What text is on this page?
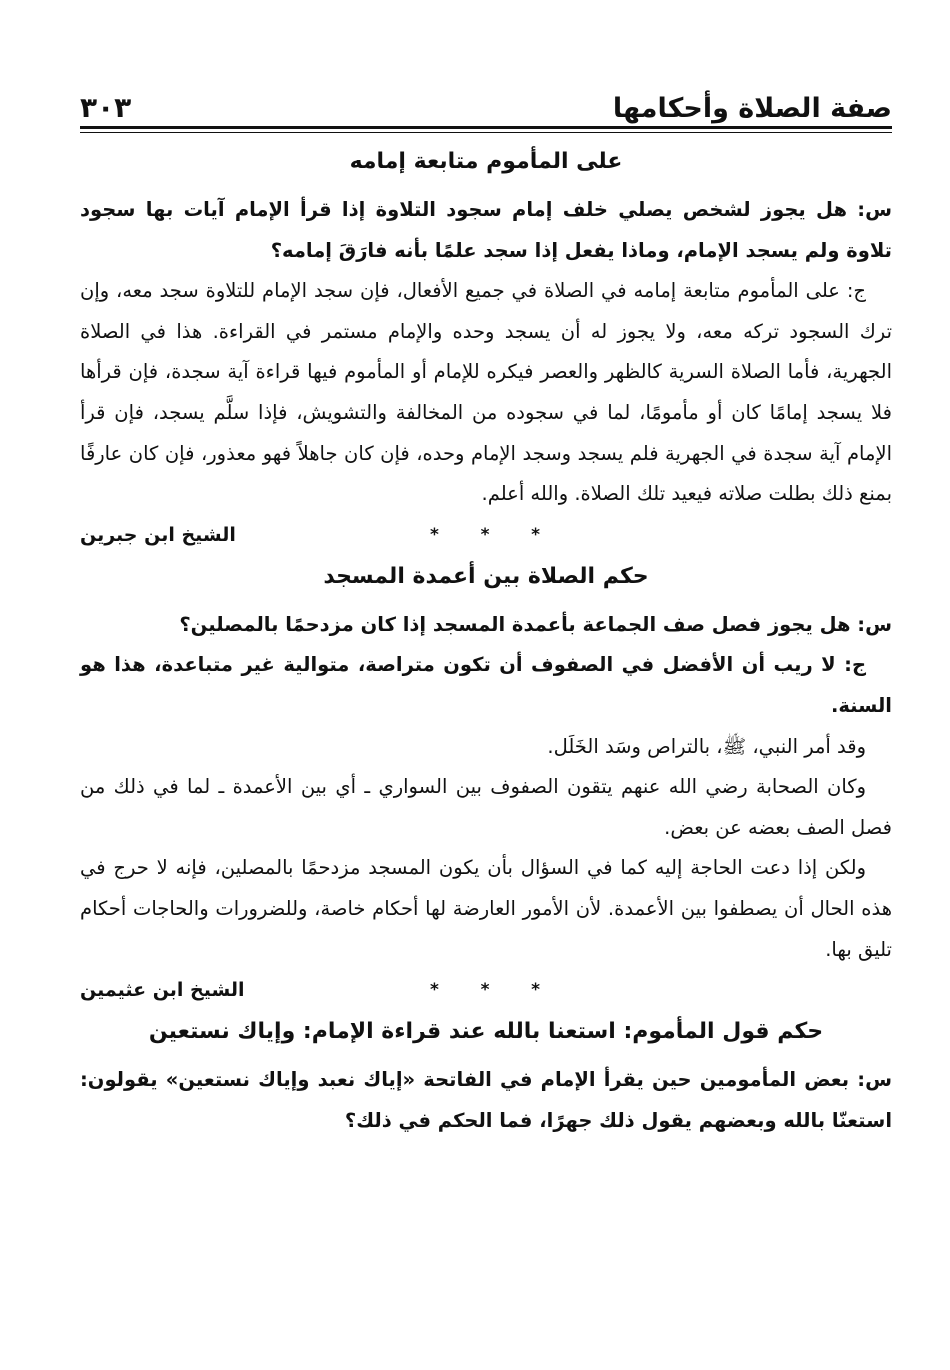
صفة الصلاة وأحكامها
٣٠٣
على المأموم متابعة إمامه

س: هل يجوز لشخص يصلي خلف إمام سجود التلاوة إذا قرأ الإمام آيات بها سجود تلاوة ولم يسجد الإمام، وماذا يفعل إذا سجد علمًا بأنه فارَقَ إمامه؟

ج: على المأموم متابعة إمامه في الصلاة في جميع الأفعال، فإن سجد الإمام للتلاوة سجد معه، وإن ترك السجود تركه معه، ولا يجوز له أن يسجد وحده والإمام مستمر في القراءة. هذا في الصلاة الجهرية، فأما الصلاة السرية كالظهر والعصر فيكره للإمام أو المأموم فيها قراءة آية سجدة، فإن قرأها فلا يسجد إمامًا كان أو مأمومًا، لما في سجوده من المخالفة والتشويش، فإذا سلَّم يسجد، فإن قرأ الإمام آية سجدة في الجهرية فلم يسجد وسجد الإمام وحده، فإن كان جاهلاً فهو معذور، فإن كان عارفًا بمنع ذلك بطلت صلاته فيعيد تلك الصلاة. والله أعلم.

*
*
*
الشيخ ابن جبرين
حكم الصلاة بين أعمدة المسجد

س: هل يجوز فصل صف الجماعة بأعمدة المسجد إذا كان مزدحمًا بالمصلين؟

ج: لا ريب أن الأفضل في الصفوف أن تكون متراصة، متوالية غير متباعدة، هذا هو السنة.

وقد أمر النبي، ﷺ، بالتراص وسَد الخَلَل.

وكان الصحابة رضي الله عنهم يتقون الصفوف بين السواري ـ أي بين الأعمدة ـ لما في ذلك من فصل الصف بعضه عن بعض.

ولكن إذا دعت الحاجة إليه كما في السؤال بأن يكون المسجد مزدحمًا بالمصلين، فإنه لا حرج في هذه الحال أن يصطفوا بين الأعمدة. لأن الأمور العارضة لها أحكام خاصة، وللضرورات والحاجات أحكام تليق بها.

*
*
*
الشيخ ابن عثيمين
حكم قول المأموم: استعنا بالله عند قراءة الإمام: وإياك نستعين

س: بعض المأمومين حين يقرأ الإمام في الفاتحة «إياك نعبد وإياك نستعين» يقولون: استعنّا بالله وبعضهم يقول ذلك جهرًا، فما الحكم في ذلك؟
